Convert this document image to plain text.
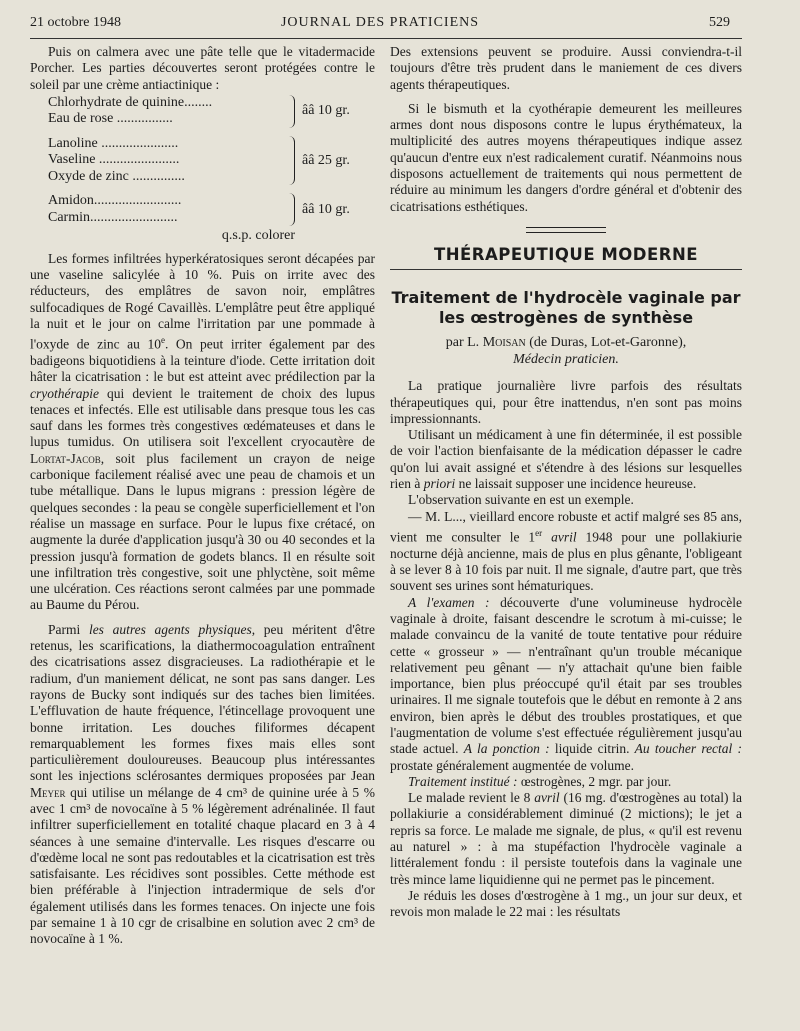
21 octobre 1948	JOURNAL DES PRATICIENS	529

Puis on calmera avec une pâte telle que le vitadermacide Porcher. Les parties découvertes seront protégées contre le soleil par une crème antiactinique :

Chlorhydrate de quinine........
Eau de rose ................
ââ 10 gr.
Lanoline ......................
Vaseline .......................
Oxyde de zinc ...............
ââ 25 gr.
Amidon.........................
Carmin.........................
ââ 10 gr.
q.s.p. colorer

Les formes infiltrées hyperkératosiques seront décapées par une vaseline salicylée à 10 %. Puis on irrite avec des réducteurs, des emplâtres de savon noir, emplâtres sulfocadiques de Rogé Cavaillès. L'emplâtre peut être appliqué la nuit et le jour on calme l'irritation par une pommade à l'oxyde de zinc au 10e. On peut irriter également par des badigeons biquotidiens à la teinture d'iode. Cette irritation doit hâter la cicatrisation : le but est atteint avec prédilection par la cryothérapie qui devient le traitement de choix des lupus tenaces et infectés. Elle est utilisable dans presque tous les cas sauf dans les formes très congestives œdémateuses et dans le lupus tumidus. On utilisera soit l'excellent cryocautère de Lortat-Jacob, soit plus facilement un crayon de neige carbonique facilement réalisé avec une peau de chamois et un tube métallique. Dans le lupus migrans : pression légère de quelques secondes : la peau se congèle superficiellement et l'on réalise un massage en surface. Pour le lupus fixe crétacé, on augmente la durée d'application jusqu'à 30 ou 40 secondes et la pression jusqu'à formation de godets blancs. Il en résulte soit une infiltration très congestive, soit une phlyctène, soit même une ulcération. Ces réactions seront calmées par une pommade au Baume du Pérou.

Parmi les autres agents physiques, peu méritent d'être retenus, les scarifications, la diathermocoagulation entraînent des cicatrisations assez disgracieuses. La radiothérapie et le radium, d'un maniement délicat, ne sont pas sans danger. Les rayons de Bucky sont indiqués sur des taches bien limitées. L'effluvation de haute fréquence, l'étincellage provoquent une bonne irritation. Les douches filiformes décapent remarquablement les formes fixes mais elles sont particulièrement douloureuses. Beaucoup plus intéressantes sont les injections sclérosantes dermiques proposées par Jean Meyer qui utilise un mélange de 4 cm³ de quinine urée à 5 % avec 1 cm³ de novocaïne à 5 % légèrement adrénalinée. Il faut infiltrer superficiellement en totalité chaque placard en 3 à 4 séances à une semaine d'intervalle. Les risques d'escarre ou d'œdème local ne sont pas redoutables et la cicatrisation est très satisfaisante. Les récidives sont possibles. Cette méthode est bien préférable à l'injection intradermique de sels d'or également utilisés dans les formes tenaces. On injecte une fois par semaine 1 à 10 cgr de crisalbine en solution avec 2 cm³ de novocaïne à 1 %.

Des extensions peuvent se produire. Aussi conviendra-t-il toujours d'être très prudent dans le maniement de ces divers agents thérapeutiques.

Si le bismuth et la cyothérapie demeurent les meilleures armes dont nous disposons contre le lupus érythémateux, la multiplicité des autres moyens thérapeutiques indique assez qu'aucun d'entre eux n'est radicalement curatif. Néanmoins nous disposons actuellement de traitements qui nous permettent de réduire au minimum les dangers d'ordre général et d'obtenir des cicatrisations esthétiques.

THÉRAPEUTIQUE MODERNE
Traitement de l'hydrocèle vaginale par les œstrogènes de synthèse
par L. Moisan (de Duras, Lot-et-Garonne),
Médecin praticien.

La pratique journalière livre parfois des résultats thérapeutiques qui, pour être inattendus, n'en sont pas moins impressionnants.

Utilisant un médicament à une fin déterminée, il est possible de voir l'action bienfaisante de la médication dépasser le cadre qu'on lui avait assigné et s'étendre à des lésions sur lesquelles rien à priori ne laissait supposer une incidence heureuse.

L'observation suivante en est un exemple.

— M. L..., vieillard encore robuste et actif malgré ses 85 ans, vient me consulter le 1er avril 1948 pour une pollakiurie nocturne déjà ancienne, mais de plus en plus gênante, l'obligeant à se lever 8 à 10 fois par nuit. Il me signale, d'autre part, que très souvent ses urines sont hématuriques.

A l'examen : découverte d'une volumineuse hydrocèle vaginale à droite, faisant descendre le scrotum à mi-cuisse; le malade convaincu de la vanité de toute tentative pour réduire cette « grosseur » — n'entraînant qu'un trouble mécanique relativement peu gênant — n'y attachait qu'une bien faible importance, bien plus préoccupé qu'il était par ses troubles urinaires. Il me signale toutefois que le début en remonte à 2 ans environ, bien après le début des troubles prostatiques, et que l'augmentation de volume s'est effectuée régulièrement jusqu'au stade actuel. A la ponction : liquide citrin. Au toucher rectal : prostate généralement augmentée de volume.

Traitement institué : œstrogènes, 2 mgr. par jour.

Le malade revient le 8 avril (16 mg. d'œstrogènes au total) la pollakiurie a considérablement diminué (2 mictions); le jet a repris sa force. Le malade me signale, de plus, « qu'il est revenu au naturel » : à ma stupéfaction l'hydrocèle vaginale a littéralement fondu : il persiste toutefois dans la vaginale une très mince lame liquidienne qui ne permet pas le pincement.

Je réduis les doses d'œstrogène à 1 mg., un jour sur deux, et revois mon malade le 22 mai : les résultats
